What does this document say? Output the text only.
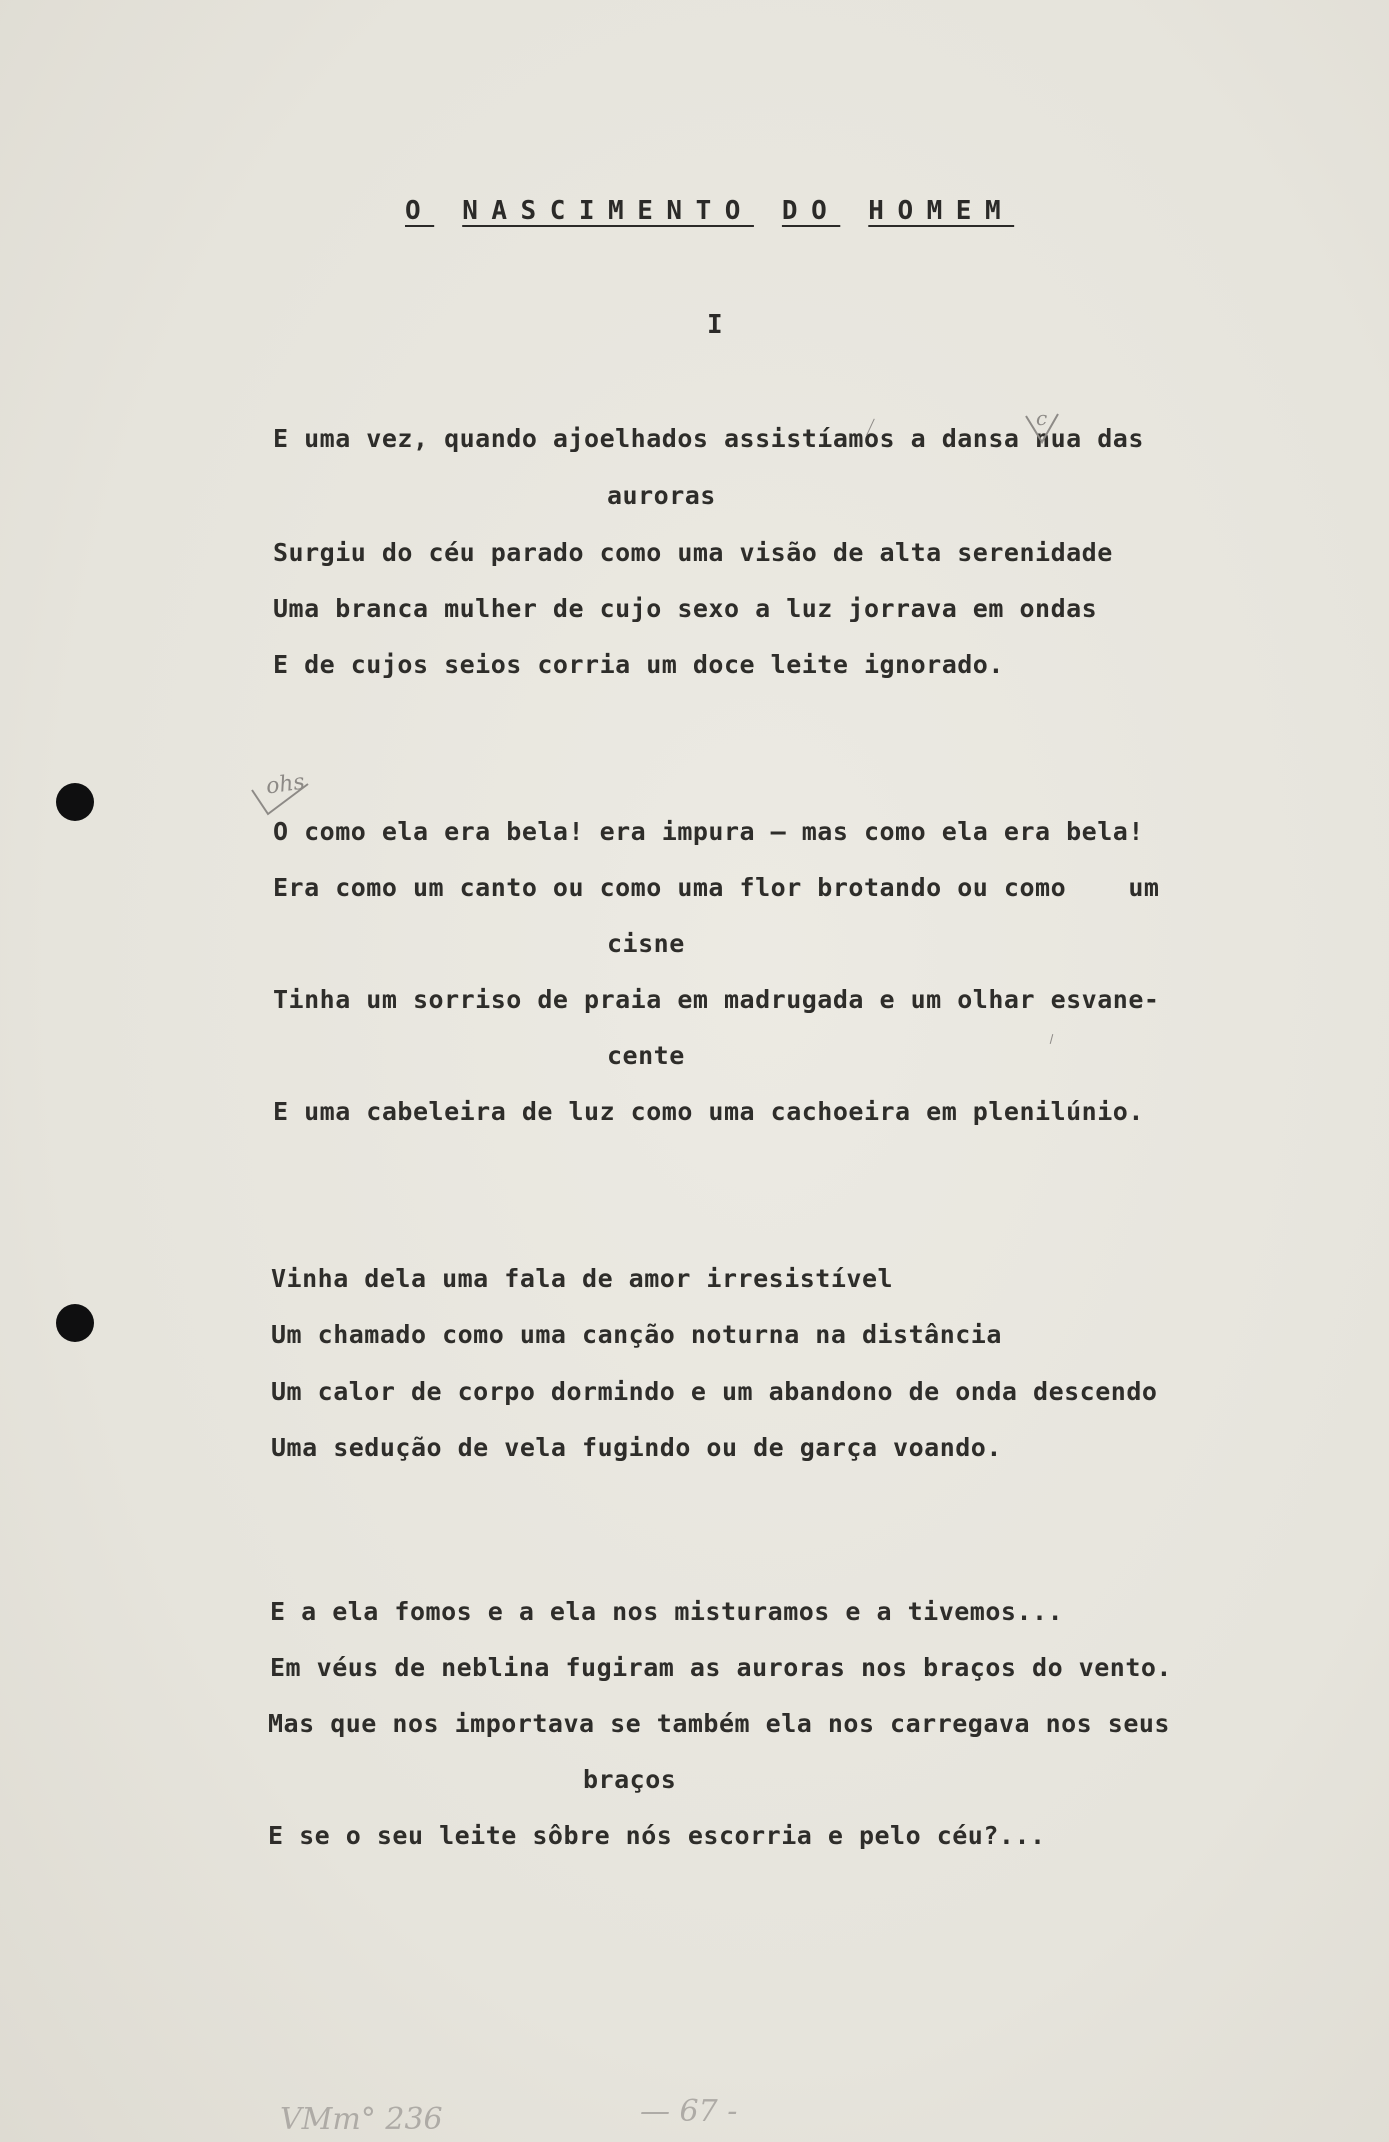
O NASCIMENTO DO HOMEM
I
E uma vez, quando ajoelhados assistíamos a dansa nua das
auroras
Surgiu do céu parado como uma visão de alta serenidade
Uma branca mulher de cujo sexo a luz jorrava em ondas
E de cujos seios corria um doce leite ignorado.
O como ela era bela! era impura — mas como ela era bela!
Era como um canto ou como uma flor brotando ou como    um
cisne
Tinha um sorriso de praia em madrugada e um olhar esvane-
cente
E uma cabeleira de luz como uma cachoeira em plenilúnio.
Vinha dela uma fala de amor irresistível
Um chamado como uma canção noturna na distância
Um calor de corpo dormindo e um abandono de onda descendo
Uma sedução de vela fugindo ou de garça voando.
E a ela fomos e a ela nos misturamos e a tivemos...
Em véus de neblina fugiram as auroras nos braços do vento.
Mas que nos importava se também ela nos carregava nos seus
braços
E se o seu leite sôbre nós escorria e pelo céu?...
ohs
c
VMm° 236	— 67 -
